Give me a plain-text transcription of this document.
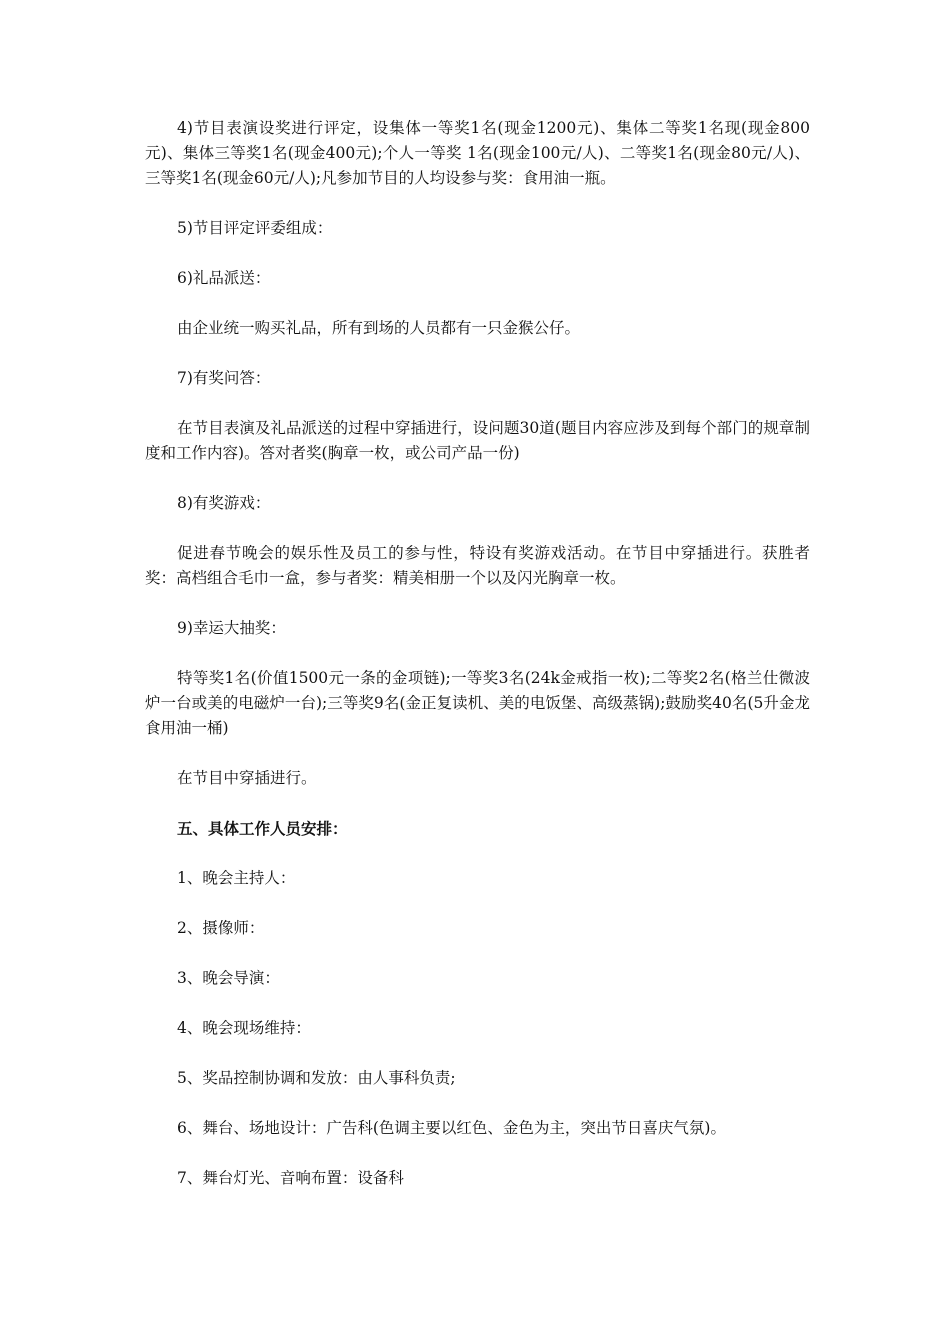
4)节目表演设奖进行评定，设集体一等奖1名(现金1200元)、集体二等奖1名现(现金800元)、集体三等奖1名(现金400元);个人一等奖 1名(现金100元/人)、二等奖1名(现金80元/人)、三等奖1名(现金60元/人);凡参加节目的人均设参与奖：食用油一瓶。

5)节目评定评委组成：

6)礼品派送：

由企业统一购买礼品，所有到场的人员都有一只金猴公仔。

7)有奖问答：

在节目表演及礼品派送的过程中穿插进行，设问题30道(题目内容应涉及到每个部门的规章制度和工作内容)。答对者奖(胸章一枚，或公司产品一份)

8)有奖游戏：

促进春节晚会的娱乐性及员工的参与性，特设有奖游戏活动。在节目中穿插进行。获胜者奖：高档组合毛巾一盒，参与者奖：精美相册一个以及闪光胸章一枚。

9)幸运大抽奖：

特等奖1名(价值1500元一条的金项链);一等奖3名(24k金戒指一枚);二等奖2名(格兰仕微波炉一台或美的电磁炉一台);三等奖9名(金正复读机、美的电饭堡、高级蒸锅);鼓励奖40名(5升金龙食用油一桶)

在节目中穿插进行。

五、具体工作人员安排：

1、晚会主持人：

2、摄像师：

3、晚会导演：

4、晚会现场维持：

5、奖品控制协调和发放：由人事科负责;

6、舞台、场地设计：广告科(色调主要以红色、金色为主，突出节日喜庆气氛)。

7、舞台灯光、音响布置：设备科
